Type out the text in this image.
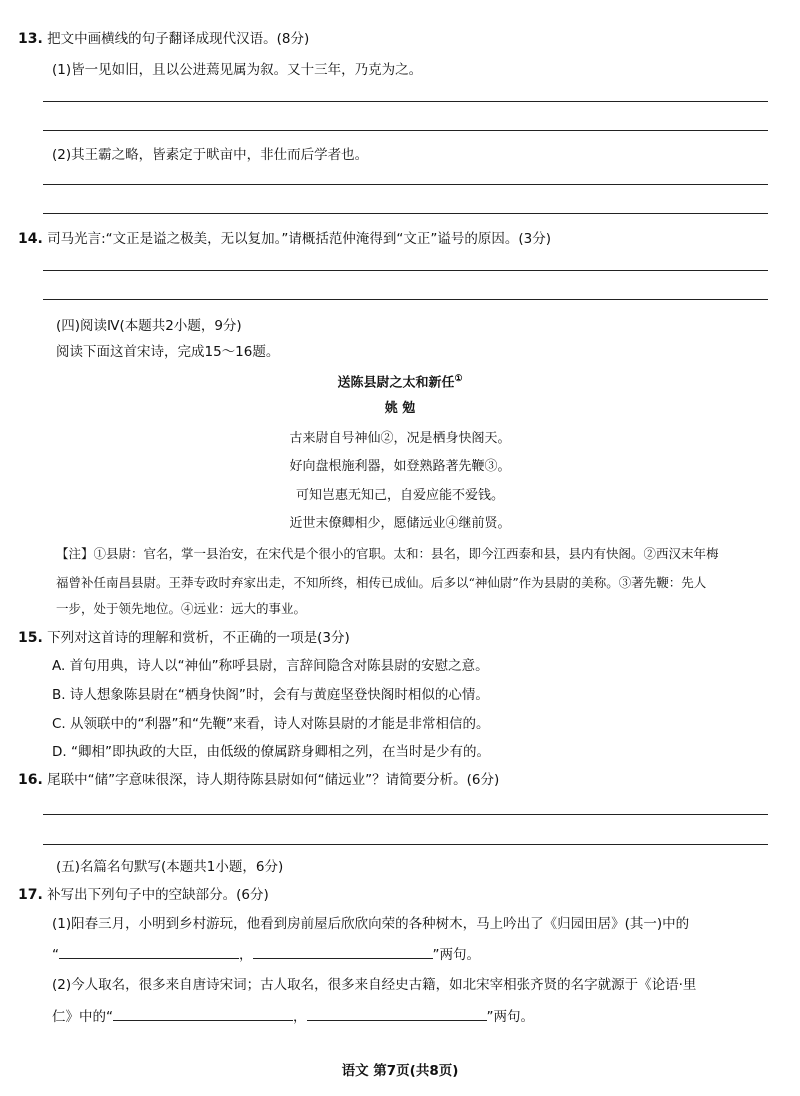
13. 把文中画横线的句子翻译成现代汉语。(8分)
(1)皆一见如旧，且以公进蔫见属为叙。又十三年，乃克为之。
(2)其王霸之略，皆素定于畎亩中，非仕而后学者也。
14. 司马光言:“文正是谥之极美，无以复加。”请概括范仲淹得到“文正”谥号的原因。(3分)
(四)阅读Ⅳ(本题共2小题，9分)
阅读下面这首宋诗，完成15～16题。
送陈县尉之太和新任①
姚 勉
古来尉自号神仙②，况是栖身快阁天。
好向盘根施利器，如登熟路著先鞭③。
可知岂惠无知己，自爱应能不爱钱。
近世末僚卿相少，愿储远业④继前贤。
【注】①县尉：官名，掌一县治安，在宋代是个很小的官职。太和：县名，即今江西泰和县，县内有快阁。②西汉末年梅
福曾补任南昌县尉。王莽专政时弃家出走，不知所终，相传已成仙。后多以“神仙尉”作为县尉的美称。③著先鞭：先人
一步，处于领先地位。④远业：远大的事业。
15. 下列对这首诗的理解和赏析，不正确的一项是(3分)
A. 首句用典，诗人以“神仙”称呼县尉，言辞间隐含对陈县尉的安慰之意。
B. 诗人想象陈县尉在“栖身快阁”时，会有与黄庭坚登快阁时相似的心情。
C. 从领联中的“利器”和“先鞭”来看，诗人对陈县尉的才能是非常相信的。
D. “卿相”即执政的大臣，由低级的僚属跻身卿相之列，在当时是少有的。
16. 尾联中“储”字意味很深，诗人期待陈县尉如何“储远业”？请简要分析。(6分)
(五)名篇名句默写(本题共1小题，6分)
17. 补写出下列句子中的空缺部分。(6分)
(1)阳春三月，小明到乡村游玩，他看到房前屋后欣欣向荣的各种树木，马上吟出了《归园田居》(其一)中的
“	，	”两句。
(2)今人取名，很多来自唐诗宋词；古人取名，很多来自经史古籍，如北宋宰相张齐贤的名字就源于《论语·里
仁》中的“	，	”两句。
语文 第7页(共8页)
